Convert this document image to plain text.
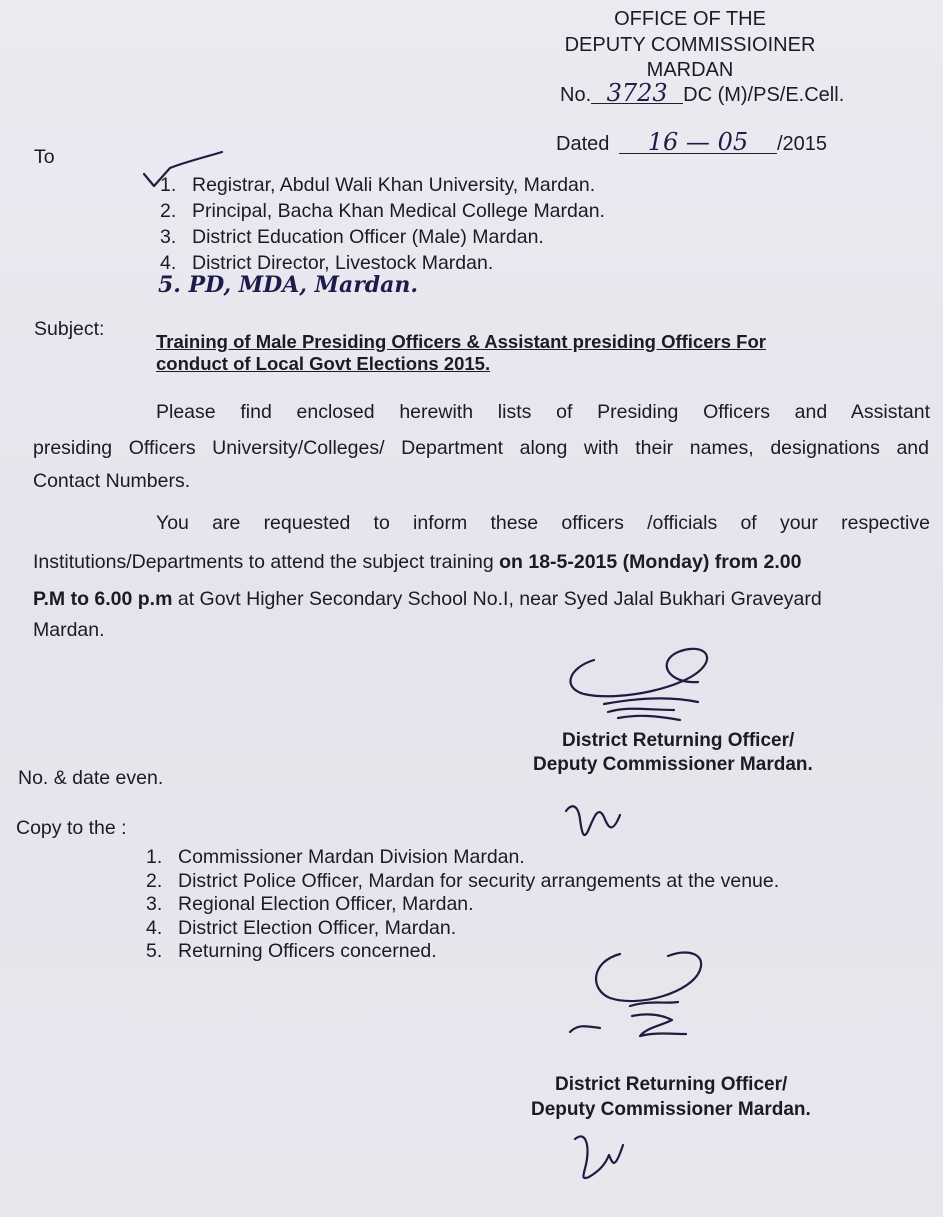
OFFICE OF THE
DEPUTY COMMISSIOINER
MARDAN
No. 3723 DC (M)/PS/E.Cell.
Dated 16 — 05 /2015
To
1. Registrar, Abdul Wali Khan University, Mardan.
2. Principal, Bacha Khan Medical College Mardan.
3. District Education Officer (Male) Mardan.
4. District Director, Livestock Mardan.
5. PD, MDA, Mardan.
Subject:
Training of Male Presiding Officers & Assistant presiding Officers For
conduct of Local Govt Elections 2015.
Please find enclosed herewith lists of Presiding Officers and Assistant
presiding Officers University/Colleges/ Department along with their names, designations and
Contact Numbers.
You are requested to inform these officers /officials of your respective
Institutions/Departments to attend the subject training on 18-5-2015 (Monday) from 2.00
P.M to 6.00 p.m at Govt Higher Secondary School No.I, near Syed Jalal Bukhari Graveyard
Mardan.
District Returning Officer/
Deputy Commissioner Mardan.
No. & date even.
Copy to the :
1. Commissioner Mardan Division Mardan.
2. District Police Officer, Mardan for security arrangements at the venue.
3. Regional Election Officer, Mardan.
4. District Election Officer, Mardan.
5. Returning Officers concerned.
District Returning Officer/
Deputy Commissioner Mardan.
